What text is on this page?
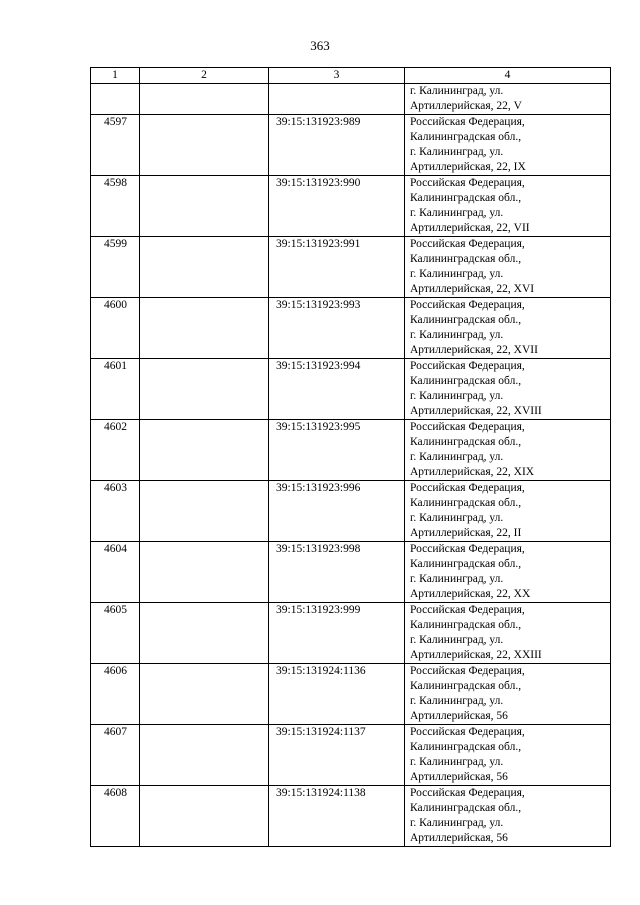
363
1	2	3	4
			г. Калининград, ул.
Артиллерийская, 22, V
4597		39:15:131923:989	Российская Федерация,
Калининградская обл.,
г. Калининград, ул.
Артиллерийская, 22, IX
4598		39:15:131923:990	Российская Федерация,
Калининградская обл.,
г. Калининград, ул.
Артиллерийская, 22, VII
4599		39:15:131923:991	Российская Федерация,
Калининградская обл.,
г. Калининград, ул.
Артиллерийская, 22, XVI
4600		39:15:131923:993	Российская Федерация,
Калининградская обл.,
г. Калининград, ул.
Артиллерийская, 22, XVII
4601		39:15:131923:994	Российская Федерация,
Калининградская обл.,
г. Калининград, ул.
Артиллерийская, 22, XVIII
4602		39:15:131923:995	Российская Федерация,
Калининградская обл.,
г. Калининград, ул.
Артиллерийская, 22, XIX
4603		39:15:131923:996	Российская Федерация,
Калининградская обл.,
г. Калининград, ул.
Артиллерийская, 22, II
4604		39:15:131923:998	Российская Федерация,
Калининградская обл.,
г. Калининград, ул.
Артиллерийская, 22, XX
4605		39:15:131923:999	Российская Федерация,
Калининградская обл.,
г. Калининград, ул.
Артиллерийская, 22, XXIII
4606		39:15:131924:1136	Российская Федерация,
Калининградская обл.,
г. Калининград, ул.
Артиллерийская, 56
4607		39:15:131924:1137	Российская Федерация,
Калининградская обл.,
г. Калининград, ул.
Артиллерийская, 56
4608		39:15:131924:1138	Российская Федерация,
Калининградская обл.,
г. Калининград, ул.
Артиллерийская, 56
